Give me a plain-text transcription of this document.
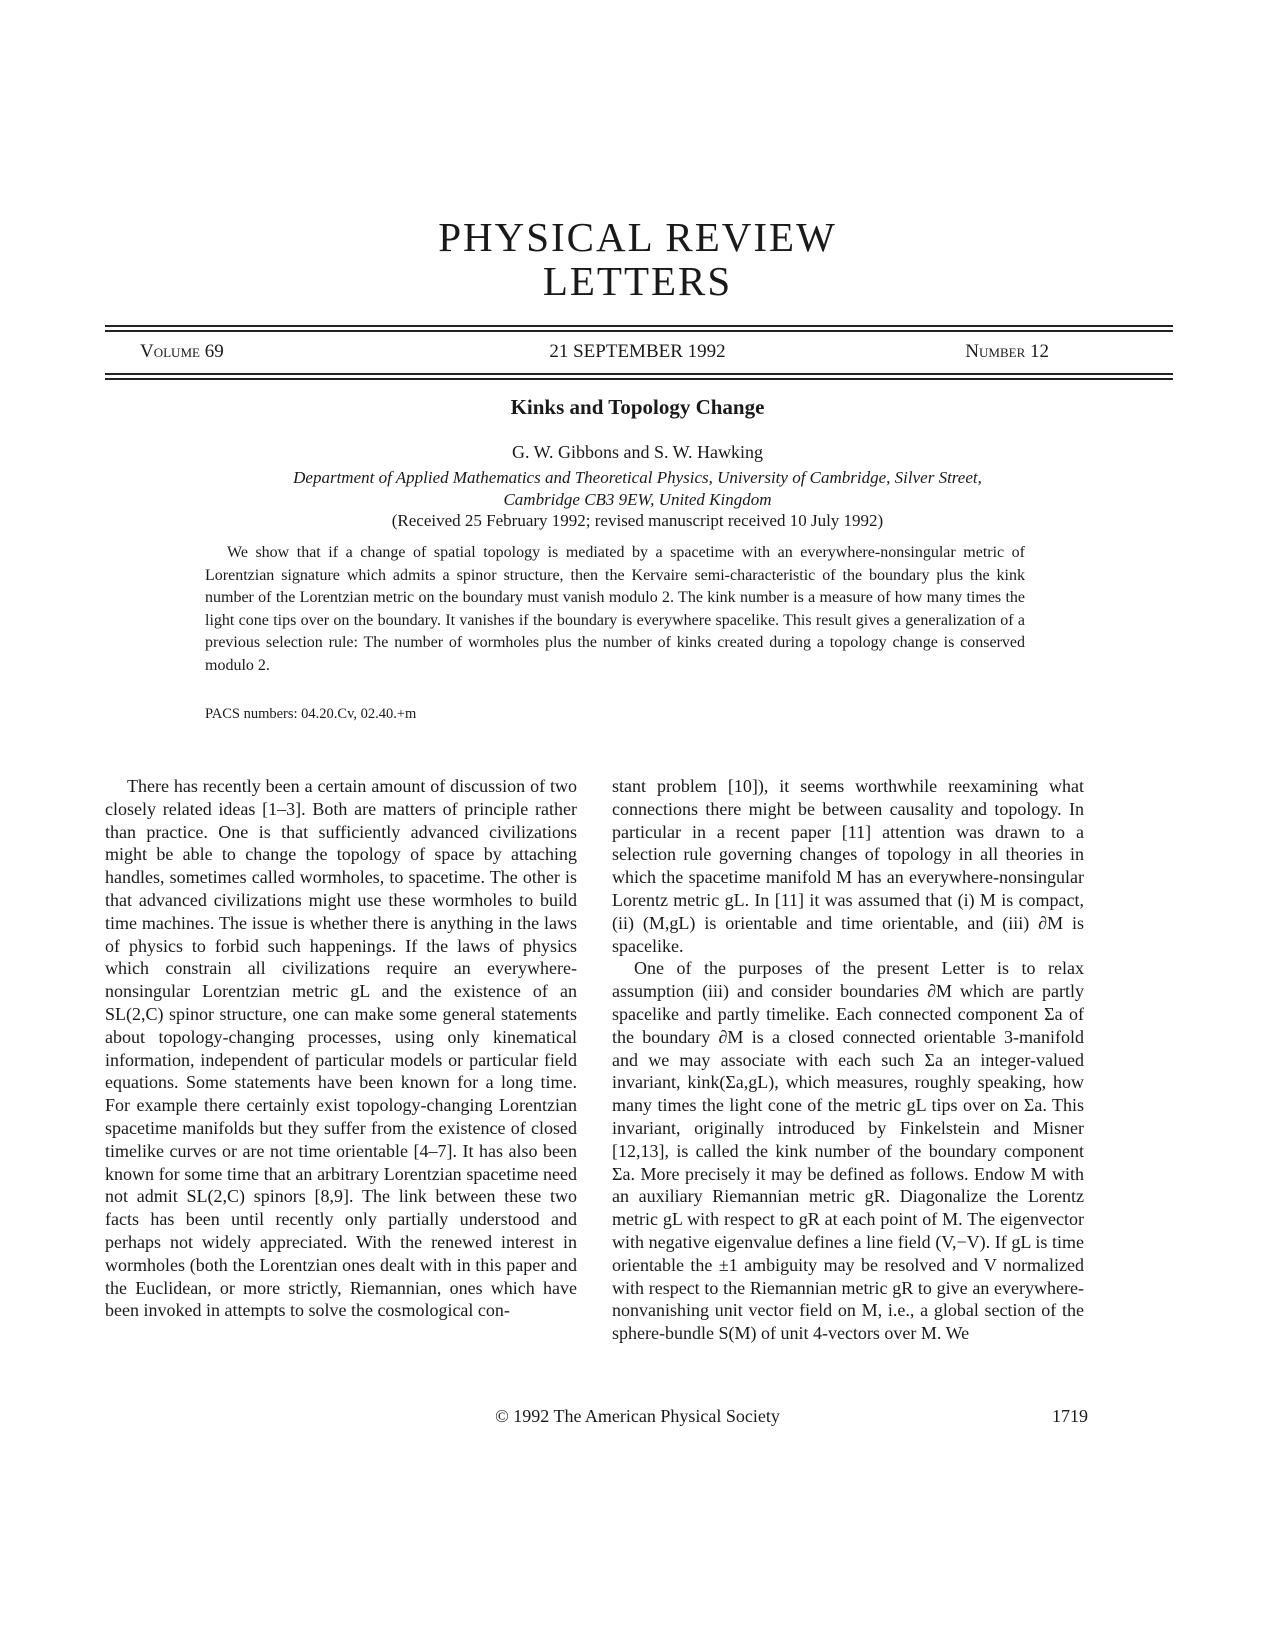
PHYSICAL REVIEW
LETTERS
Volume 69	21 SEPTEMBER 1992	Number 12
Kinks and Topology Change
G. W. Gibbons and S. W. Hawking
Department of Applied Mathematics and Theoretical Physics, University of Cambridge, Silver Street,
Cambridge CB3 9EW, United Kingdom
(Received 25 February 1992; revised manuscript received 10 July 1992)

We show that if a change of spatial topology is mediated by a spacetime with an everywhere-nonsingular metric of Lorentzian signature which admits a spinor structure, then the Kervaire semi-characteristic of the boundary plus the kink number of the Lorentzian metric on the boundary must vanish modulo 2. The kink number is a measure of how many times the light cone tips over on the boundary. It vanishes if the boundary is everywhere spacelike. This result gives a generalization of a previous selection rule: The number of wormholes plus the number of kinks created during a topology change is conserved modulo 2.

PACS numbers: 04.20.Cv, 02.40.+m

There has recently been a certain amount of discussion of two closely related ideas [1–3]. Both are matters of principle rather than practice. One is that sufficiently advanced civilizations might be able to change the topology of space by attaching handles, sometimes called wormholes, to spacetime. The other is that advanced civilizations might use these wormholes to build time machines. The issue is whether there is anything in the laws of physics to forbid such happenings. If the laws of physics which constrain all civilizations require an everywhere-nonsingular Lorentzian metric gL and the existence of an SL(2,C) spinor structure, one can make some general statements about topology-changing processes, using only kinematical information, independent of particular models or particular field equations. Some statements have been known for a long time. For example there certainly exist topology-changing Lorentzian spacetime manifolds but they suffer from the existence of closed timelike curves or are not time orientable [4–7]. It has also been known for some time that an arbitrary Lorentzian spacetime need not admit SL(2,C) spinors [8,9]. The link between these two facts has been until recently only partially understood and perhaps not widely appreciated. With the renewed interest in wormholes (both the Lorentzian ones dealt with in this paper and the Euclidean, or more strictly, Riemannian, ones which have been invoked in attempts to solve the cosmological con-

stant problem [10]), it seems worthwhile reexamining what connections there might be between causality and topology. In particular in a recent paper [11] attention was drawn to a selection rule governing changes of topology in all theories in which the spacetime manifold M has an everywhere-nonsingular Lorentz metric gL. In [11] it was assumed that (i) M is compact, (ii) (M,gL) is orientable and time orientable, and (iii) ∂M is spacelike.

One of the purposes of the present Letter is to relax assumption (iii) and consider boundaries ∂M which are partly spacelike and partly timelike. Each connected component Σa of the boundary ∂M is a closed connected orientable 3-manifold and we may associate with each such Σa an integer-valued invariant, kink(Σa,gL), which measures, roughly speaking, how many times the light cone of the metric gL tips over on Σa. This invariant, originally introduced by Finkelstein and Misner [12,13], is called the kink number of the boundary component Σa. More precisely it may be defined as follows. Endow M with an auxiliary Riemannian metric gR. Diagonalize the Lorentz metric gL with respect to gR at each point of M. The eigenvector with negative eigenvalue defines a line field (V,−V). If gL is time orientable the ±1 ambiguity may be resolved and V normalized with respect to the Riemannian metric gR to give an everywhere-nonvanishing unit vector field on M, i.e., a global section of the sphere-bundle S(M) of unit 4-vectors over M. We

© 1992 The American Physical Society	1719
